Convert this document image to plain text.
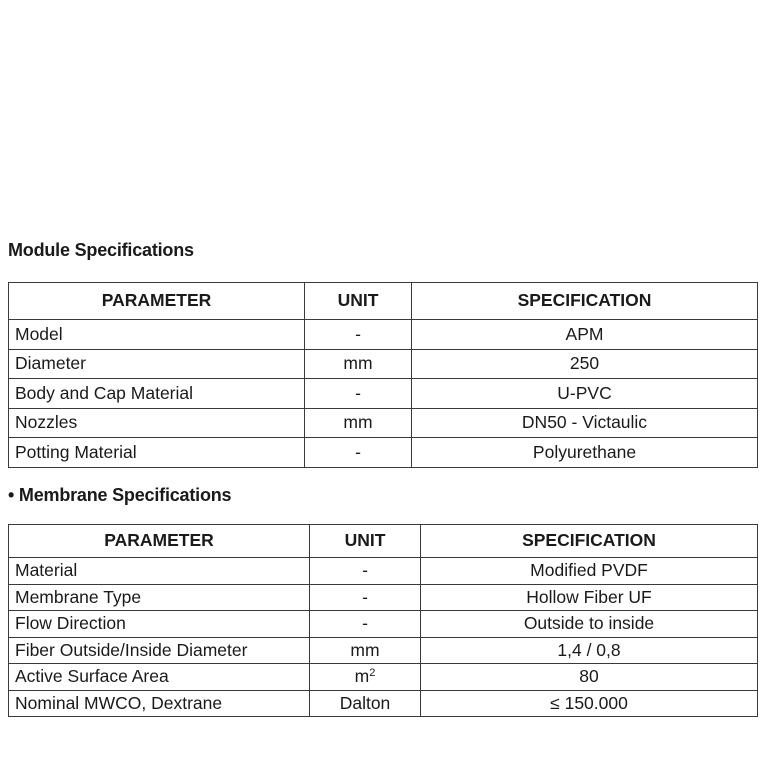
Module Specifications
PARAMETER	UNIT	SPECIFICATION
Model	-	APM
Diameter	mm	250
Body and Cap Material	-	U-PVC
Nozzles	mm	DN50 - Victaulic
Potting Material	-	Polyurethane
• Membrane Specifications
PARAMETER	UNIT	SPECIFICATION
Material	-	Modified PVDF
Membrane Type	-	Hollow Fiber UF
Flow Direction	-	Outside to inside
Fiber Outside/Inside Diameter	mm	1,4 / 0,8
Active Surface Area	$m^2$	80
Nominal MWCO, Dextrane	Dalton	≤ 150.000
